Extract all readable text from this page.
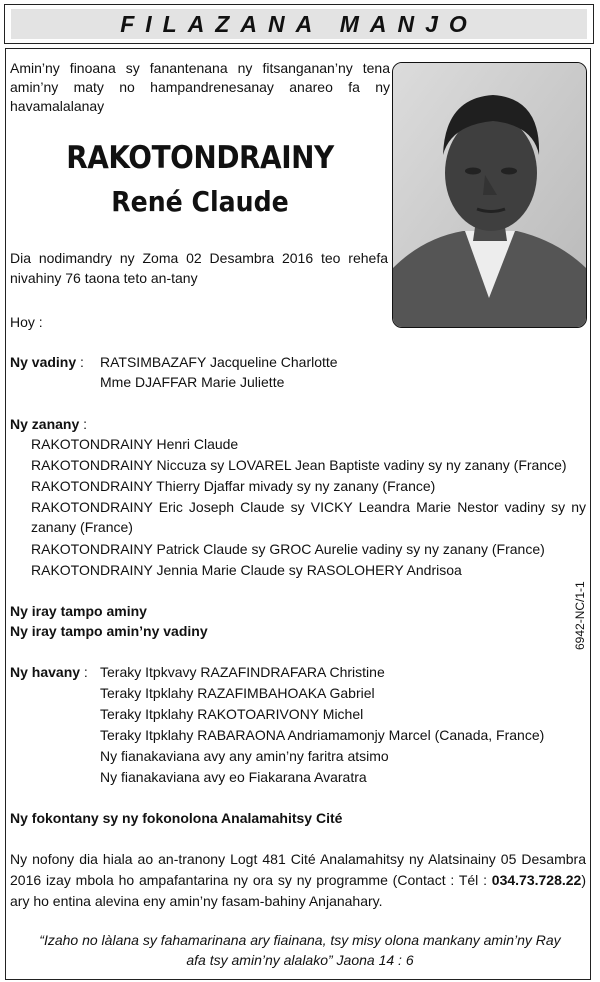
FILAZANA MANJO
Amin’ny finoana sy fanantenana ny fitsanganan’ny tena amin’ny maty no hampandrenesanay anareo fa ny havamalalanay
RAKOTONDRAINY
René Claude
Dia nodimandry ny Zoma 02 Desambra 2016 teo rehefa nivahiny 76 taona teto an-tany
Hoy :
Ny vadiny : RATSIMBAZAFY Jacqueline Charlotte
Mme DJAFFAR Marie Juliette
Ny zanany :
RAKOTONDRAINY Henri Claude
RAKOTONDRAINY Niccuza sy LOVAREL Jean Baptiste vadiny sy ny zanany (France)
RAKOTONDRAINY Thierry Djaffar mivady sy ny zanany (France)
RAKOTONDRAINY Eric Joseph Claude sy VICKY Leandra Marie Nestor vadiny sy ny zanany (France)
RAKOTONDRAINY Patrick Claude sy GROC Aurelie vadiny sy ny zanany (France)
RAKOTONDRAINY Jennia Marie Claude sy RASOLOHERY Andrisoa
Ny iray tampo aminy
Ny iray tampo amin’ny vadiny
Ny havany : Teraky Itpkvavy RAZAFINDRAFARA Christine
Teraky Itpklahy RAZAFIMBAHOAKA Gabriel
Teraky Itpklahy RAKOTOARIVONY Michel
Teraky Itpklahy RABARAONA Andriamamonjy Marcel (Canada, France)
Ny fianakaviana avy any amin’ny faritra atsimo
Ny fianakaviana avy eo Fiakarana Avaratra
Ny fokontany sy ny fokonolona Analamahitsy Cité
Ny nofony dia hiala ao an-tranony Logt 481 Cité Analamahitsy ny Alatsinainy 05 Desambra 2016 izay mbola ho ampafantarina ny ora sy ny programme (Contact : Tél : 034.73.728.22) ary ho entina alevina eny amin’ny fasam-bahiny Anjanahary.
“Izaho no làlana sy fahamarinana ary fiainana, tsy misy olona mankany amin’ny Ray
afa tsy amin’ny alalako” Jaona 14 : 6
6942-NC/1-1
